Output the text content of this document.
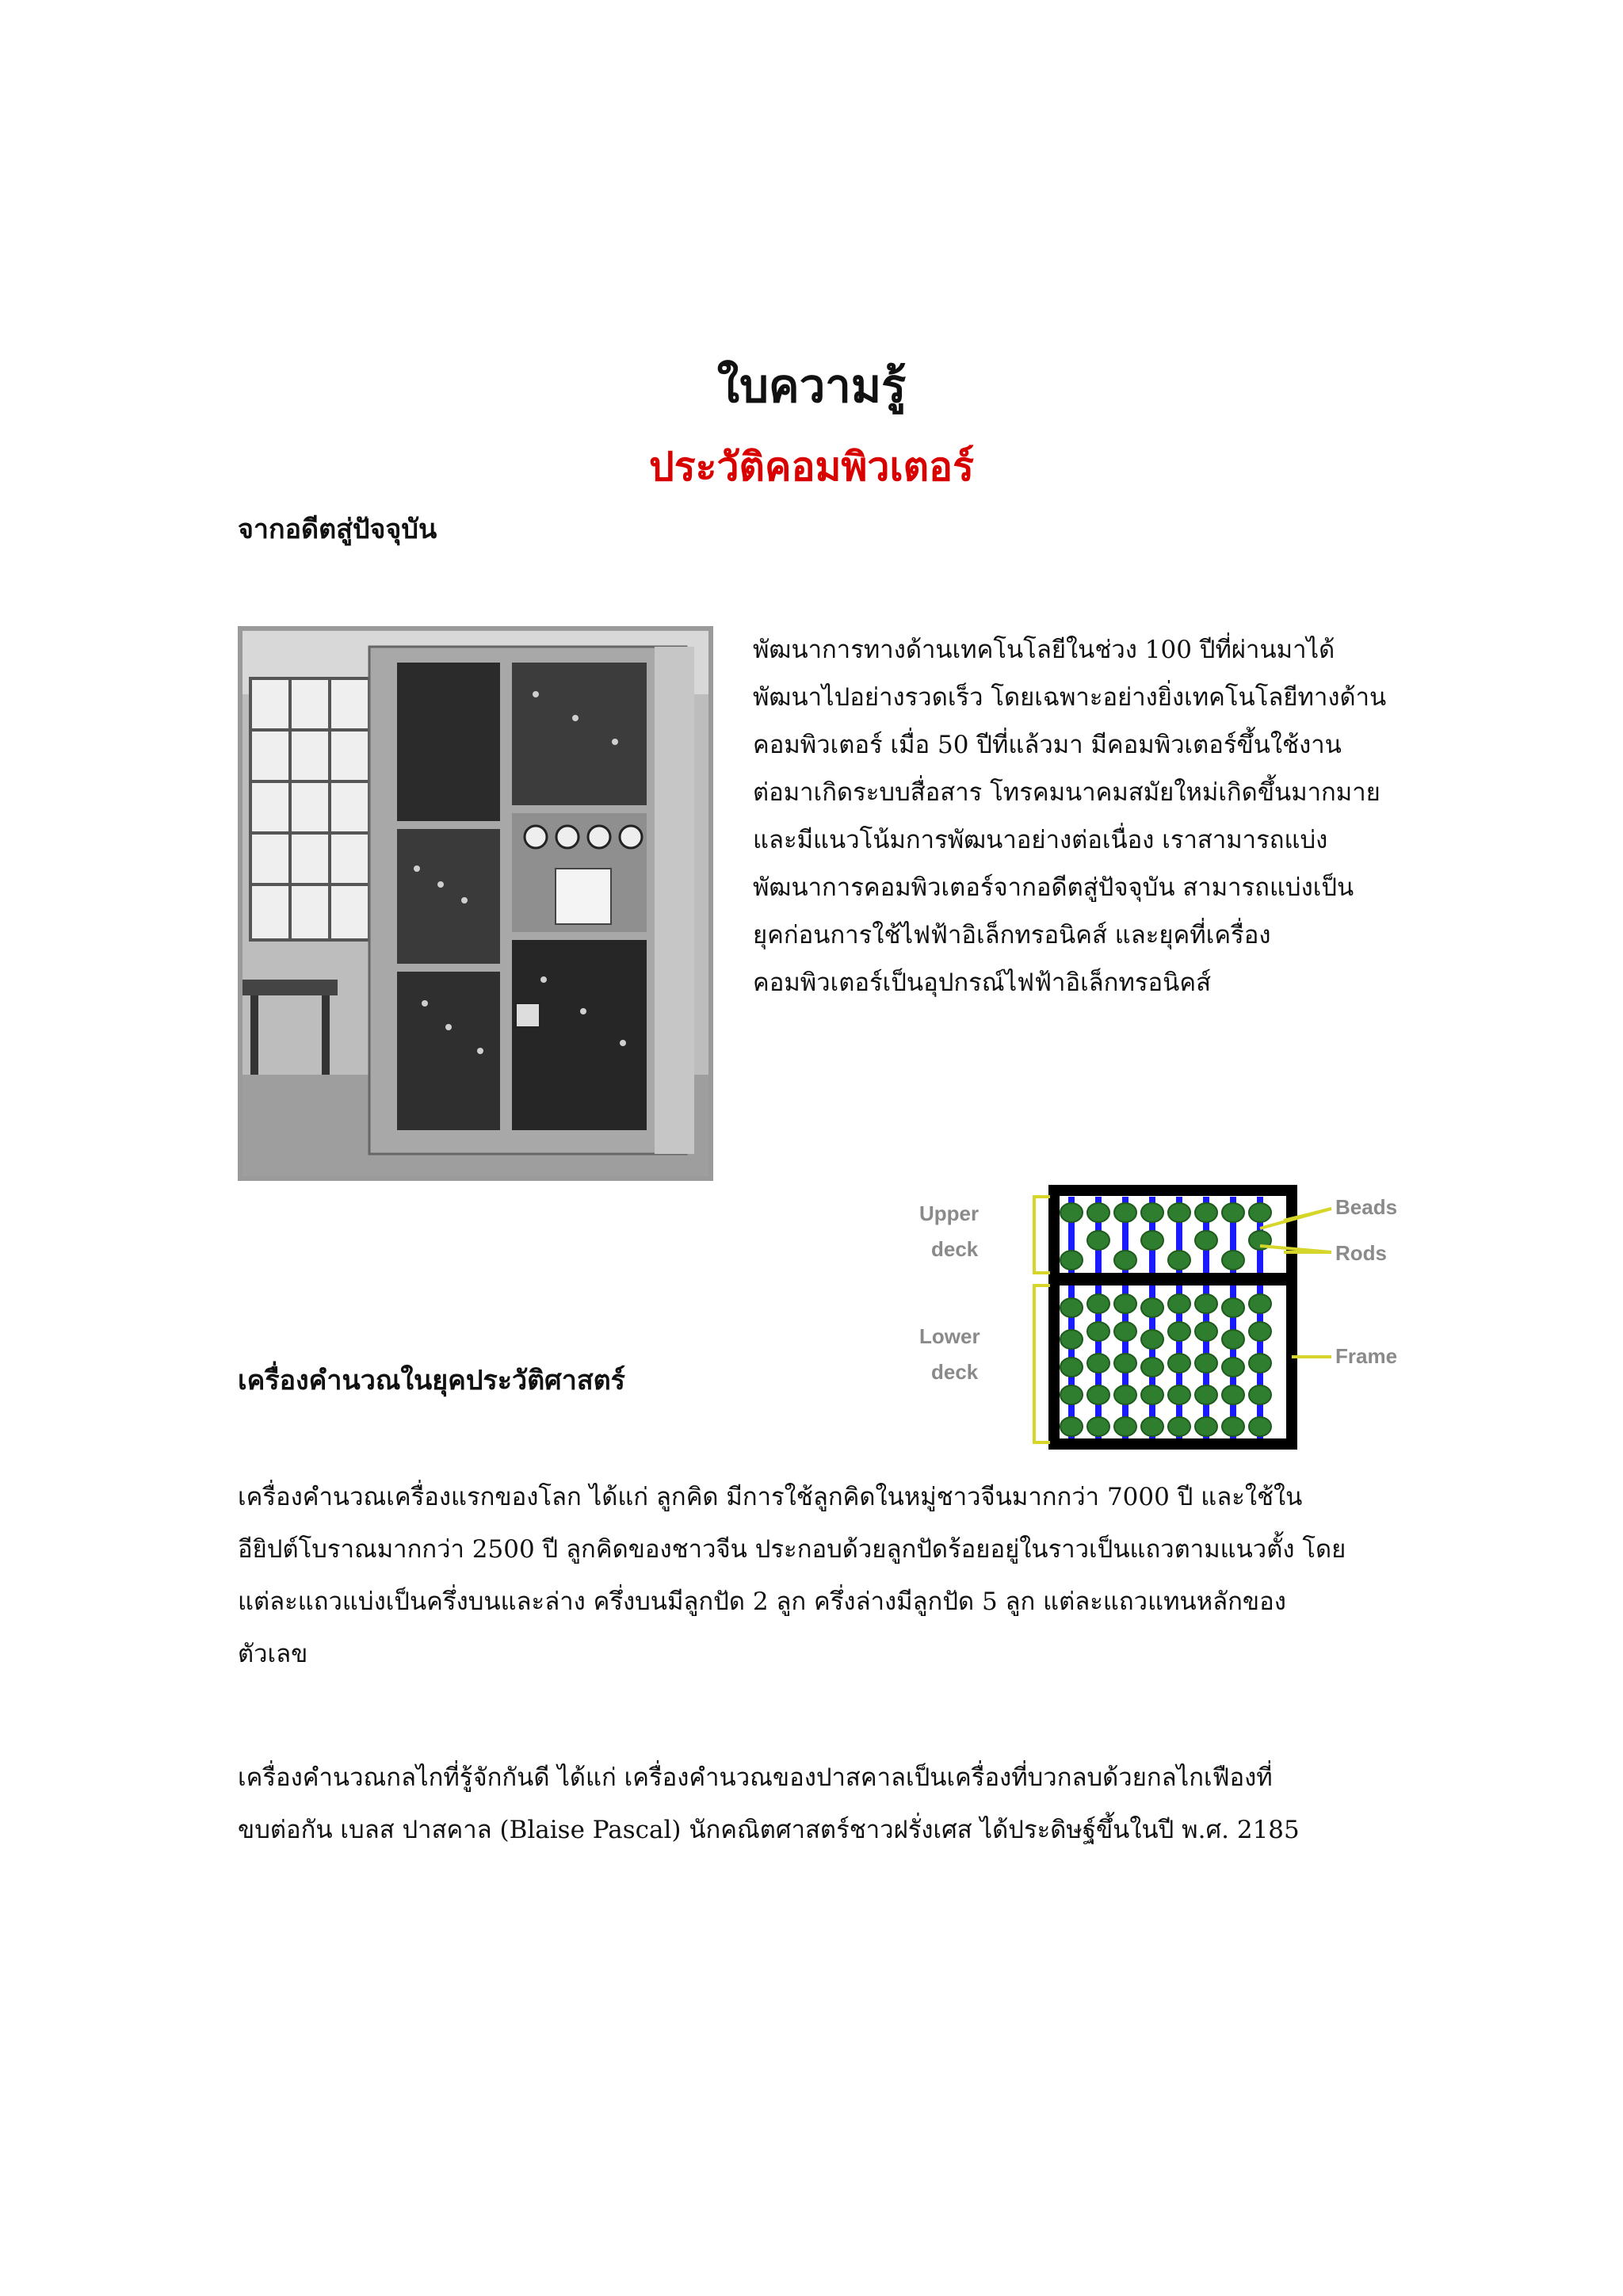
ใบความรู้
ประวัติคอมพิวเตอร์
จากอดีตสู่ปัจจุบัน

พัฒนาการทางด้านเทคโนโลยีในช่วง 100 ปีที่ผ่านมาได้
พัฒนาไปอย่างรวดเร็ว โดยเฉพาะอย่างยิ่งเทคโนโลยีทางด้าน
คอมพิวเตอร์ เมื่อ 50 ปีที่แล้วมา มีคอมพิวเตอร์ขึ้นใช้งาน
ต่อมาเกิดระบบสื่อสาร โทรคมนาคมสมัยใหม่เกิดขึ้นมากมาย
และมีแนวโน้มการพัฒนาอย่างต่อเนื่อง เราสามารถแบ่ง
พัฒนาการคอมพิวเตอร์จากอดีตสู่ปัจจุบัน สามารถแบ่งเป็น
ยุคก่อนการใช้ไฟฟ้าอิเล็กทรอนิคส์ และยุคที่เครื่อง
คอมพิวเตอร์เป็นอุปกรณ์ไฟฟ้าอิเล็กทรอนิคส์

Upper
deck
Lower
deck
Beads
Rods
Frame
เครื่องคำนวณในยุคประวัติศาสตร์

เครื่องคำนวณเครื่องแรกของโลก ได้แก่ ลูกคิด มีการใช้ลูกคิดในหมู่ชาวจีนมากกว่า 7000 ปี และใช้ใน
อียิปต์โบราณมากกว่า 2500 ปี ลูกคิดของชาวจีน ประกอบด้วยลูกปัดร้อยอยู่ในราวเป็นแถวตามแนวตั้ง โดย
แต่ละแถวแบ่งเป็นครึ่งบนและล่าง ครึ่งบนมีลูกปัด 2 ลูก ครึ่งล่างมีลูกปัด 5 ลูก แต่ละแถวแทนหลักของ
ตัวเลข

เครื่องคำนวณกลไกที่รู้จักกันดี ได้แก่ เครื่องคำนวณของปาสคาลเป็นเครื่องที่บวกลบด้วยกลไกเฟืองที่
ขบต่อกัน เบลส ปาสคาล (Blaise Pascal) นักคณิตศาสตร์ชาวฝรั่งเศส ได้ประดิษฐ์ขึ้นในปี พ.ศ. 2185
